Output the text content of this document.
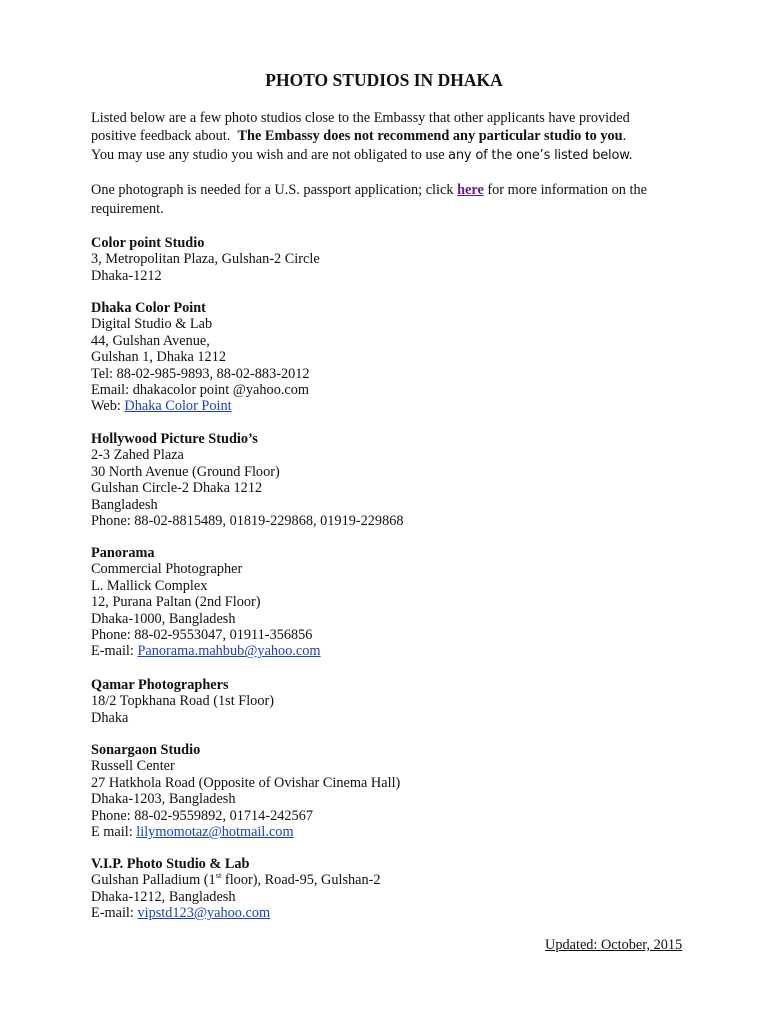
PHOTO STUDIOS IN DHAKA
Listed below are a few photo studios close to the Embassy that other applicants have provided
positive feedback about.  The Embassy does not recommend any particular studio to you.
You may use any studio you wish and are not obligated to use any of the one’s listed below.
One photograph is needed for a U.S. passport application; click here for more information on the
requirement.
Color point Studio
3, Metropolitan Plaza, Gulshan-2 Circle
Dhaka-1212
Dhaka Color Point
Digital Studio & Lab
44, Gulshan Avenue,
Gulshan 1, Dhaka 1212
Tel: 88-02-985-9893, 88-02-883-2012
Email: dhakacolor point @yahoo.com
Web: Dhaka Color Point
Hollywood Picture Studio’s
2-3 Zahed Plaza
30 North Avenue (Ground Floor)
Gulshan Circle-2 Dhaka 1212
Bangladesh
Phone: 88-02-8815489, 01819-229868, 01919-229868
Panorama
Commercial Photographer
L. Mallick Complex
12, Purana Paltan (2nd Floor)
Dhaka-1000, Bangladesh
Phone: 88-02-9553047, 01911-356856
E-mail: Panorama.mahbub@yahoo.com
Qamar Photographers
18/2 Topkhana Road (1st Floor)
Dhaka
Sonargaon Studio
Russell Center
27 Hatkhola Road (Opposite of Ovishar Cinema Hall)
Dhaka-1203, Bangladesh
Phone: 88-02-9559892, 01714-242567
E mail: lilymomotaz@hotmail.com
V.I.P. Photo Studio & Lab
Gulshan Palladium (1st floor), Road-95, Gulshan-2
Dhaka-1212, Bangladesh
E-mail: vipstd123@yahoo.com
Updated: October, 2015
